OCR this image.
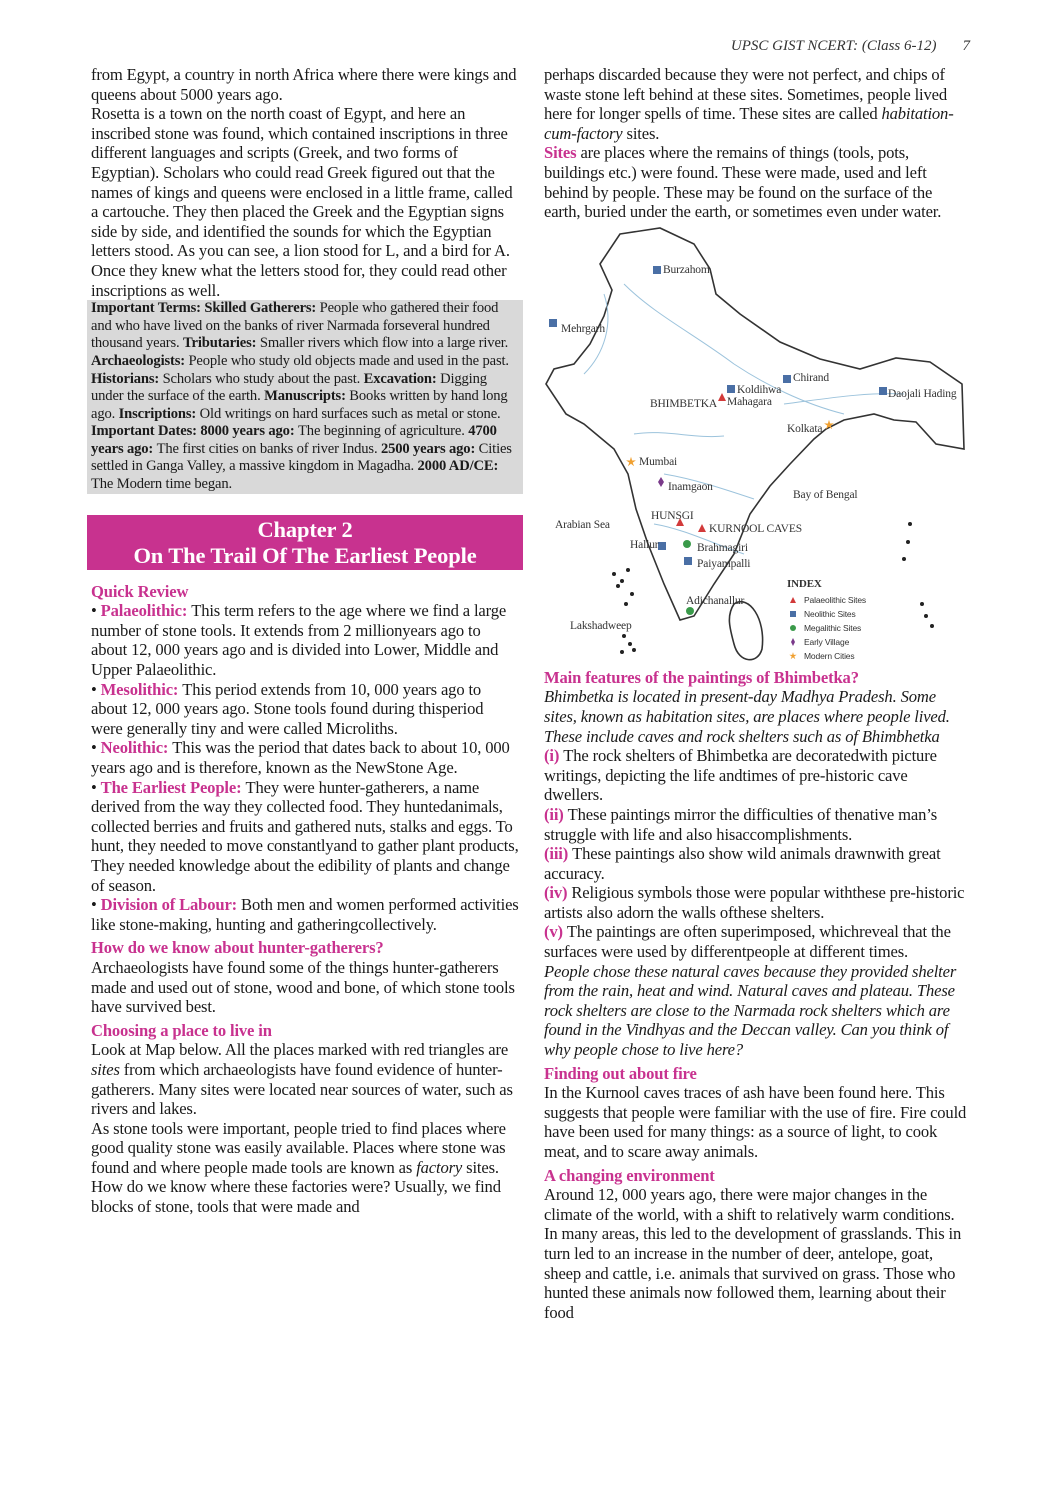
UPSC GIST NCERT: (Class 6-12) 7

from Egypt, a country in north Africa where there were kings and queens about 5000 years ago.

Rosetta is a town on the north coast of Egypt, and here an inscribed stone was found, which contained inscriptions in three different languages and scripts (Greek, and two forms of Egyptian). Scholars who could read Greek figured out that the names of kings and queens were enclosed in a little frame, called a cartouche. They then placed the Greek and the Egyptian signs side by side, and identified the sounds for which the Egyptian letters stood. As you can see, a lion stood for L, and a bird for A. Once they knew what the letters stood for, they could read other inscriptions as well.

Important Terms: Skilled Gatherers: People who gathered their food and who have lived on the banks of river Narmada forseveral hundred thousand years. Tributaries: Smaller rivers which flow into a large river. Archaeologists: People who study old objects made and used in the past. Historians: Scholars who study about the past. Excavation: Digging under the surface of the earth. Manuscripts: Books written by hand long ago. Inscriptions: Old writings on hard surfaces such as metal or stone.
Important Dates: 8000 years ago: The beginning of agriculture. 4700 years ago: The first cities on banks of river Indus. 2500 years ago: Cities settled in Ganga Valley, a massive kingdom in Magadha. 2000 AD/CE: The Modern time began.
Chapter 2
On The Trail Of The Earliest People
Quick Review

• Palaeolithic: This term refers to the age where we find a large number of stone tools. It extends from 2 millionyears ago to about 12, 000 years ago and is divided into Lower, Middle and Upper Palaeolithic.

• Mesolithic: This period extends from 10, 000 years ago to about 12, 000 years ago. Stone tools found during thisperiod were generally tiny and were called Microliths.

• Neolithic: This was the period that dates back to about 10, 000 years ago and is therefore, known as the NewStone Age.

• The Earliest People: They were hunter-gatherers, a name derived from the way they collected food. They huntedanimals, collected berries and fruits and gathered nuts, stalks and eggs. To hunt, they needed to move constantlyand to gather plant products, They needed knowledge about the edibility of plants and change of season.

• Division of Labour: Both men and women performed activities like stone-making, hunting and gatheringcollectively.

How do we know about hunter-gatherers?

Archaeologists have found some of the things hunter-gatherers made and used out of stone, wood and bone, of which stone tools have survived best.

Choosing a place to live in

Look at Map below. All the places marked with red triangles are sites from which archaeologists have found evidence of hunter-gatherers. Many sites were located near sources of water, such as rivers and lakes.

As stone tools were important, people tried to find places where good quality stone was easily available. Places where stone was found and where people made tools are known as factory sites.

How do we know where these factories were? Usually, we find blocks of stone, tools that were made and

perhaps discarded because they were not perfect, and chips of waste stone left behind at these sites. Sometimes, people lived here for longer spells of time. These sites are called habitation-cum-factory sites.

Sites are places where the remains of things (tools, pots, buildings etc.) were found. These were made, used and left behind by people. These may be found on the surface of the earth, buried under the earth, or sometimes even under water.

Burzahom
Mehrgarh
Chirand
Koldihwa
Mahagara
BHIMBETKA
Daojali Hading
Kolkata
Mumbai
Inamgaon
Bay of Bengal
Arabian Sea
HUNSGI
KURNOOL CAVES
Hallur	Brahmagiri
Paiyampalli
Adichanallur
Lakshadweep
INDEX
Palaeolithic Sites
Neolithic Sites
Megalithic Sites
Early Village
Modern Cities
Main features of the paintings of Bhimbetka?

Bhimbetka is located in present-day Madhya Pradesh. Some sites, known as habitation sites, are places where people lived. These include caves and rock shelters such as of Bhimbhetka

(i) The rock shelters of Bhimbetka are decoratedwith picture writings, depicting the life andtimes of pre-historic cave dwellers.

(ii) These paintings mirror the difficulties of thenative man’s struggle with life and also hisaccomplishments.

(iii) These paintings also show wild animals drawnwith great accuracy.

(iv) Religious symbols those were popular withthese pre-historic artists also adorn the walls ofthese shelters.

(v) The paintings are often superimposed, whichreveal that the surfaces were used by differentpeople at different times.

People chose these natural caves because they provided shelter from the rain, heat and wind. Natural caves and plateau. These rock shelters are close to the Narmada rock shelters which are found in the Vindhyas and the Deccan valley. Can you think of why people chose to live here?

Finding out about fire

In the Kurnool caves traces of ash have been found here. This suggests that people were familiar with the use of fire. Fire could have been used for many things: as a source of light, to cook meat, and to scare away animals.

A changing environment

Around 12, 000 years ago, there were major changes in the climate of the world, with a shift to relatively warm conditions. In many areas, this led to the development of grasslands. This in turn led to an increase in the number of deer, antelope, goat, sheep and cattle, i.e. animals that survived on grass. Those who hunted these animals now followed them, learning about their food
